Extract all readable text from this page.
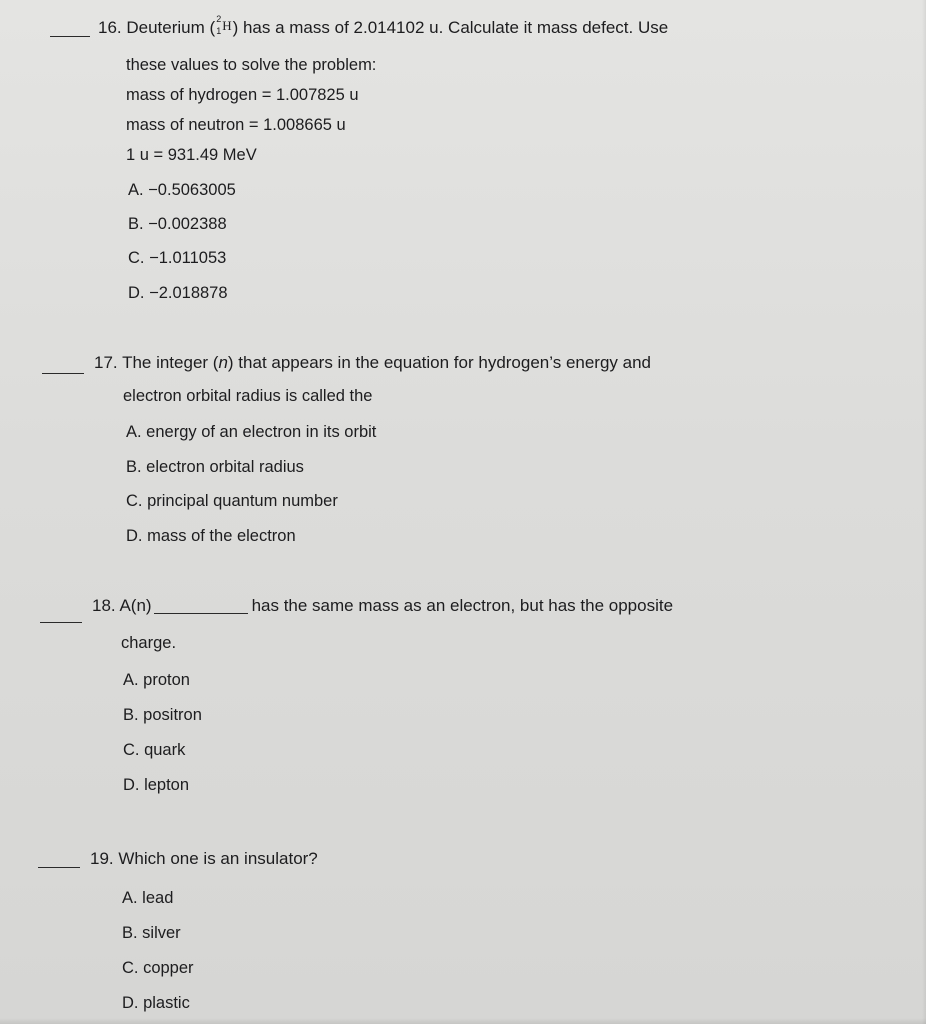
16. Deuterium ( 2
1 H) has a mass of 2.014102 u. Calculate it mass defect. Use
these values to solve the problem:
mass of hydrogen = 1.007825 u
mass of neutron = 1.008665 u
1 u = 931.49 MeV
A. −0.5063005
B. −0.002388
C. −1.011053
D. −2.018878
17. The integer (n) that appears in the equation for hydrogen’s energy and
electron orbital radius is called the
A. energy of an electron in its orbit
B. electron orbital radius
C. principal quantum number
D. mass of the electron
18. A(n)	has the same mass as an electron, but has the opposite
charge.
A. proton
B. positron
C. quark
D. lepton
19. Which one is an insulator?
A. lead
B. silver
C. copper
D. plastic
